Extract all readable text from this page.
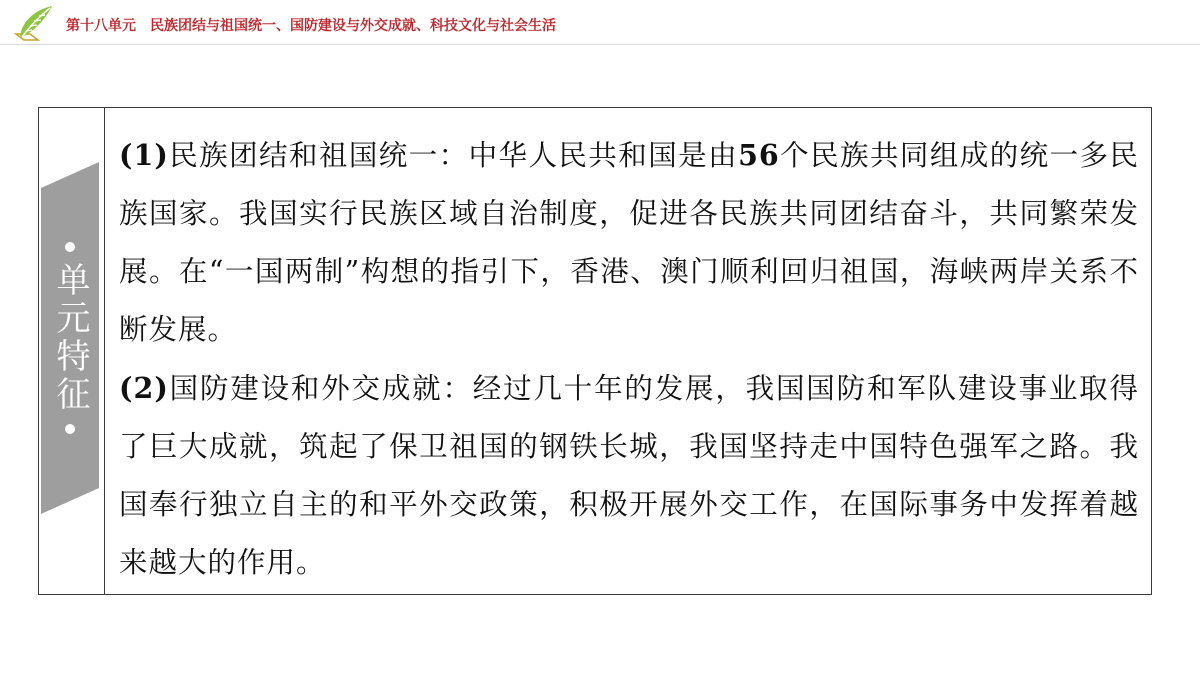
第十八单元　民族团结与祖国统一、国防建设与外交成就、科技文化与社会生活
单元特征

(1)民族团结和祖国统一：中华人民共和国是由56个民族共同组成的统一多民族国家。我国实行民族区域自治制度，促进各民族共同团结奋斗，共同繁荣发展。在“一国两制”构想的指引下，香港、澳门顺利回归祖国，海峡两岸关系不断发展。

(2)国防建设和外交成就：经过几十年的发展，我国国防和军队建设事业取得了巨大成就，筑起了保卫祖国的钢铁长城，我国坚持走中国特色强军之路。我国奉行独立自主的和平外交政策，积极开展外交工作，在国际事务中发挥着越来越大的作用。
